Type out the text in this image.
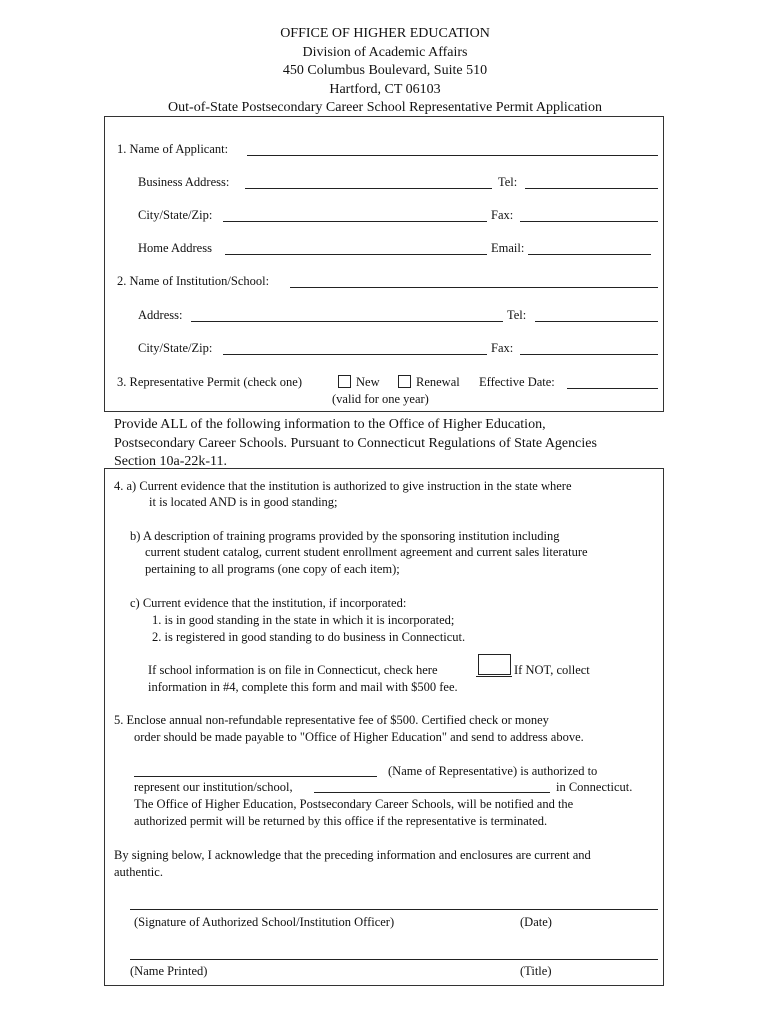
OFFICE OF HIGHER EDUCATION
Division of Academic Affairs
450 Columbus Boulevard, Suite 510
Hartford, CT 06103
Out-of-State Postsecondary Career School Representative Permit Application
1. Name of Applicant:
Business Address:	Tel:
City/State/Zip:	Fax:
Home Address	Email:
2. Name of Institution/School:
Address:	Tel:
City/State/Zip:	Fax:
3. Representative Permit (check one)	New	Renewal Effective Date:
(valid for one year)
Provide ALL of the following information to the Office of Higher Education,
Postsecondary Career Schools. Pursuant to Connecticut Regulations of State Agencies
Section 10a-22k-11.
4. a) Current evidence that the institution is authorized to give instruction in the state where
it is located AND is in good standing;
b) A description of training programs provided by the sponsoring institution including
current student catalog, current student enrollment agreement and current sales literature
pertaining to all programs (one copy of each item);
c) Current evidence that the institution, if incorporated:
1. is in good standing in the state in which it is incorporated;
2. is registered in good standing to do business in Connecticut.
If school information is on file in Connecticut, check here	If NOT, collect
information in #4, complete this form and mail with $500 fee.
5. Enclose annual non-refundable representative fee of $500. Certified check or money
order should be made payable to "Office of Higher Education" and send to address above.
(Name of Representative) is authorized to
represent our institution/school,	in Connecticut.
The Office of Higher Education, Postsecondary Career Schools, will be notified and the
authorized permit will be returned by this office if the representative is terminated.
By signing below, I acknowledge that the preceding information and enclosures are current and
authentic.
(Signature of Authorized School/Institution Officer)	(Date)
(Name Printed)	(Title)
